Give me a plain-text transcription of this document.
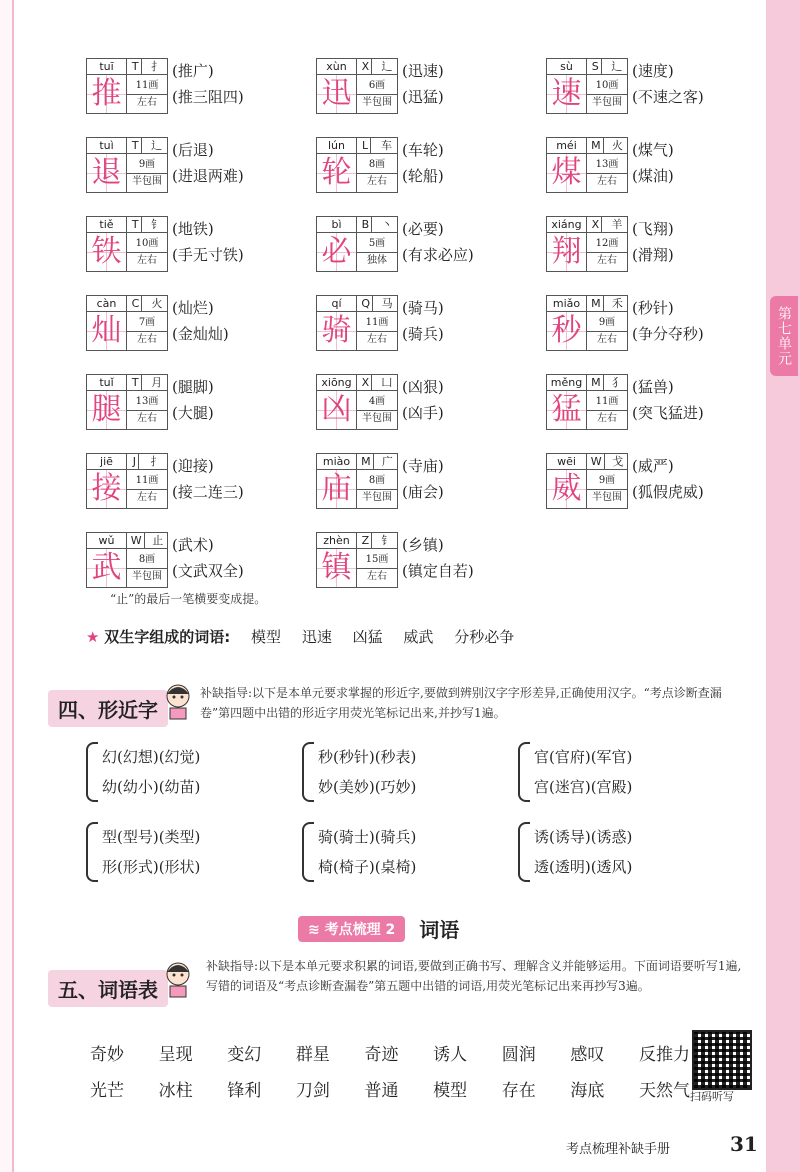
第七单元
tuī	T 扌
推	11画
左右
(推广)
(推三阻四)
xùn	X 辶
迅	6画
半包围
(迅速)
(迅猛)
sù	S 辶
速	10画
半包围
(速度)
(不速之客)
tuì	T 辶
退	9画
半包围
(后退)
(进退两难)
lún	L 车
轮	8画
左右
(车轮)
(轮船)
méi	M 火
煤	13画
左右
(煤气)
(煤油)
tiě	T 钅
铁	10画
左右
(地铁)
(手无寸铁)
bì	B 丶
必	5画
独体
(必要)
(有求必应)
xiáng X 羊
翔	12画
左右
(飞翔)
(滑翔)
càn	C 火
灿	7画
左右
(灿烂)
(金灿灿)
qí	Q 马
骑	11画
左右
(骑马)
(骑兵)
miǎo	M 禾
秒	9画
左右
(秒针)
(争分夺秒)
tuǐ	T 月
腿	13画
左右
(腿脚)
(大腿)
xiōng X 凵
凶	4画
半包围
(凶狠)
(凶手)
měng M 犭
猛	11画
左右
(猛兽)
(突飞猛进)
jiē	J 扌
接	11画
左右
(迎接)
(接二连三)
miào	M 广
庙	8画
半包围
(寺庙)
(庙会)
wēi	W 戈
威	9画
半包围
(威严)
(狐假虎威)
wǔ	W 止
武	8画
半包围
(武术)
(文武双全)
zhèn	Z 钅
镇	15画
左右
(乡镇)
(镇定自若)
“止”的最后一笔横要变成提。
★ 双生字组成的词语: 模型 迅速 凶猛 威武 分秒必争
四、形近字
补缺指导:以下是本单元要求掌握的形近字,要做到辨别汉字字形差异,正确使用汉字。“考点诊断查漏卷”第四题中出错的形近字用荧光笔标记出来,并抄写1遍。
幻(幻想)(幻觉)
幼(幼小)(幼苗)
秒(秒针)(秒表)
妙(美妙)(巧妙)
官(官府)(军官)
宫(迷宫)(宫殿)
型(型号)(类型)
形(形式)(形状)
骑(骑士)(骑兵)
椅(椅子)(桌椅)
诱(诱导)(诱惑)
透(透明)(透风)
≋ 考点梳理 2	词语
五、词语表
补缺指导:以下是本单元要求积累的词语,要做到正确书写、理解含义并能够运用。下面词语要听写1遍,写错的词语及“考点诊断查漏卷”第五题中出错的词语,用荧光笔标记出来再抄写3遍。
奇妙 呈现 变幻 群星 奇迹 诱人 圆润 感叹 反推力
光芒 冰柱 锋利 刀剑 普通 模型 存在 海底 天然气 扫码听写
考点梳理补缺手册	31
